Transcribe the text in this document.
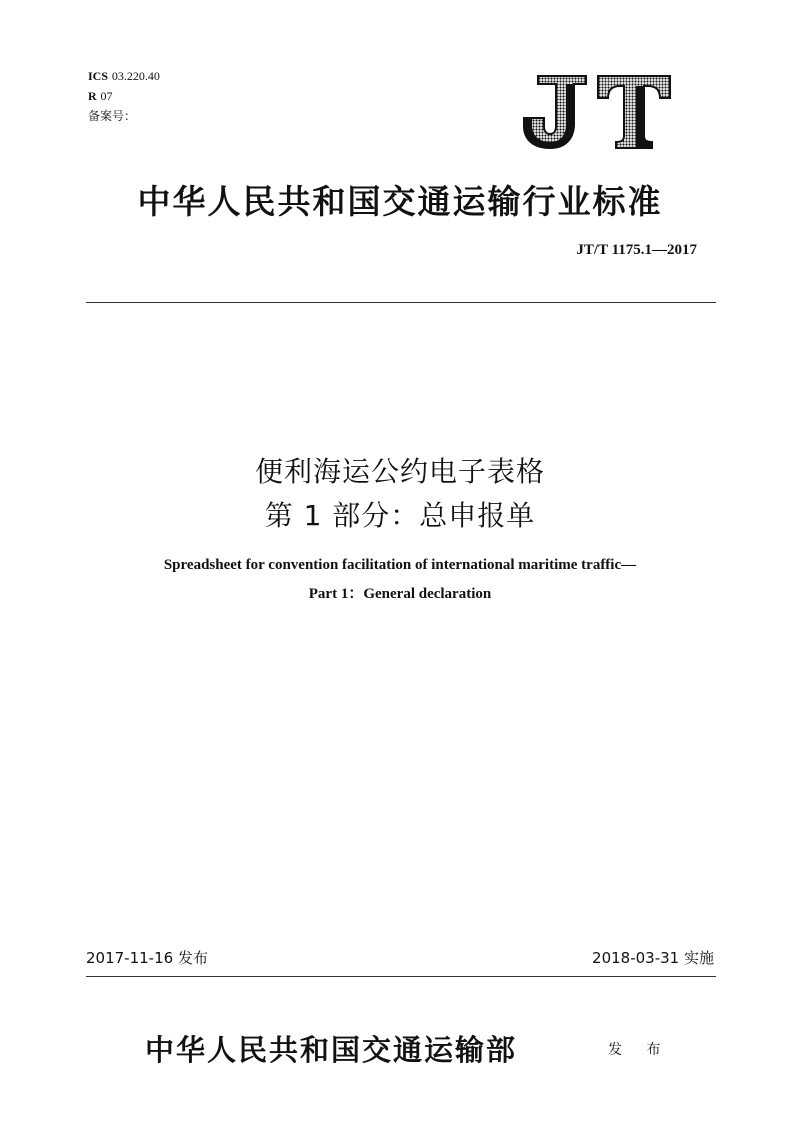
ICS 03.220.40
R 07
备案号：
中华人民共和国交通运输行业标准
JT/T 1175.1—2017
便利海运公约电子表格
第 1 部分：总申报单
Spreadsheet for convention facilitation of international maritime traffic—
Part 1：General declaration
2017-11-16 发布	2018-03-31 实施
中华人民共和国交通运输部	发 布
